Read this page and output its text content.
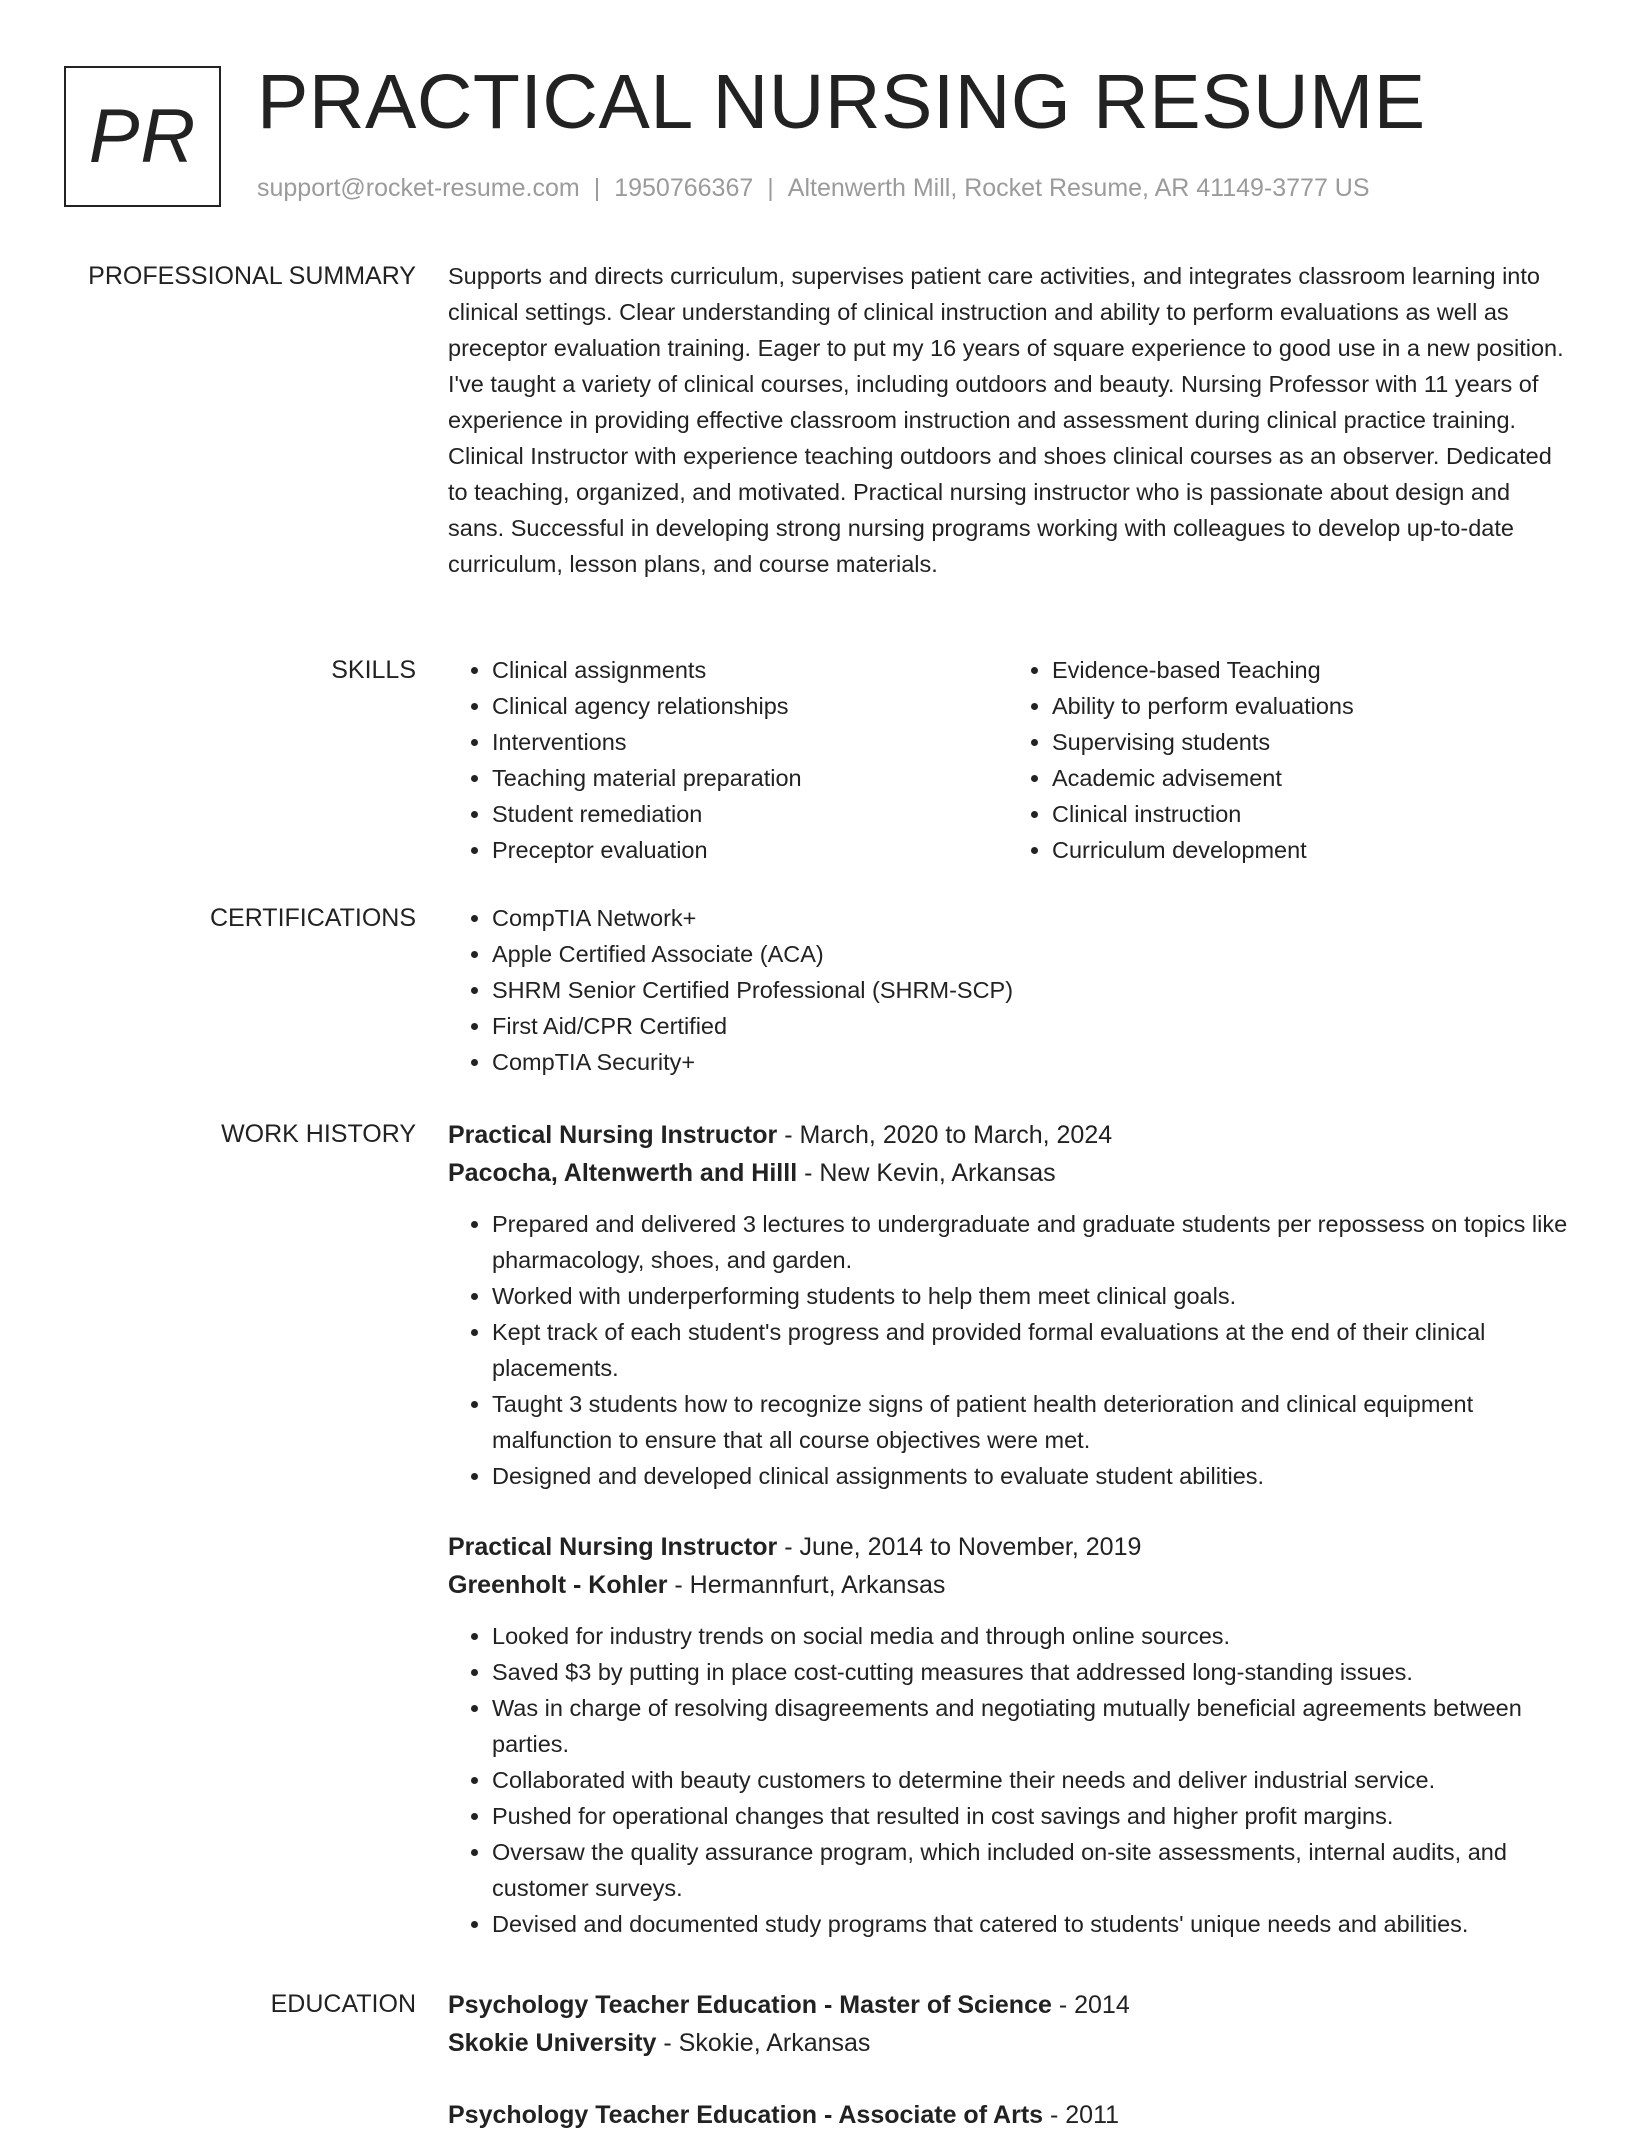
PR PRACTICAL NURSING RESUME
support@rocket-resume.com | 1950766367 | Altenwerth Mill, Rocket Resume, AR 41149-3777 US
PROFESSIONAL SUMMARY Supports and directs curriculum, supervises patient care activities, and integrates classroom learning into clinical settings. Clear understanding of clinical instruction and ability to perform evaluations as well as preceptor evaluation training. Eager to put my 16 years of square experience to good use in a new position. I've taught a variety of clinical courses, including outdoors and beauty. Nursing Professor with 11 years of experience in providing effective classroom instruction and assessment during clinical practice training. Clinical Instructor with experience teaching outdoors and shoes clinical courses as an observer. Dedicated to teaching, organized, and motivated. Practical nursing instructor who is passionate about design and sans. Successful in developing strong nursing programs working with colleagues to develop up-to-date curriculum, lesson plans, and course materials.

SKILLS	• Clinical assignments
• Clinical agency relationships
• Interventions
• Teaching material preparation
• Student remediation
• Preceptor evaluation
• Evidence-based Teaching
• Ability to perform evaluations
• Supervising students
• Academic advisement
• Clinical instruction
• Curriculum development
CERTIFICATIONS	• CompTIA Network+
• Apple Certified Associate (ACA)
• SHRM Senior Certified Professional (SHRM-SCP)
• First Aid/CPR Certified
• CompTIA Security+
WORK HISTORY Practical Nursing Instructor - March, 2020 to March, 2024
Pacocha, Altenwerth and Hilll - New Kevin, Arkansas
• Prepared and delivered 3 lectures to undergraduate and graduate students per repossess on topics like pharmacology, shoes, and garden.
• Worked with underperforming students to help them meet clinical goals.
• Kept track of each student's progress and provided formal evaluations at the end of their clinical placements.
• Taught 3 students how to recognize signs of patient health deterioration and clinical equipment malfunction to ensure that all course objectives were met.
• Designed and developed clinical assignments to evaluate student abilities.
Practical Nursing Instructor - June, 2014 to November, 2019
Greenholt - Kohler - Hermannfurt, Arkansas
• Looked for industry trends on social media and through online sources.
• Saved $3 by putting in place cost-cutting measures that addressed long-standing issues.
• Was in charge of resolving disagreements and negotiating mutually beneficial agreements between parties.
• Collaborated with beauty customers to determine their needs and deliver industrial service.
• Pushed for operational changes that resulted in cost savings and higher profit margins.
• Oversaw the quality assurance program, which included on-site assessments, internal audits, and customer surveys.
• Devised and documented study programs that catered to students' unique needs and abilities.
EDUCATION Psychology Teacher Education - Master of Science - 2014
Skokie University - Skokie, Arkansas
Psychology Teacher Education - Associate of Arts - 2011
